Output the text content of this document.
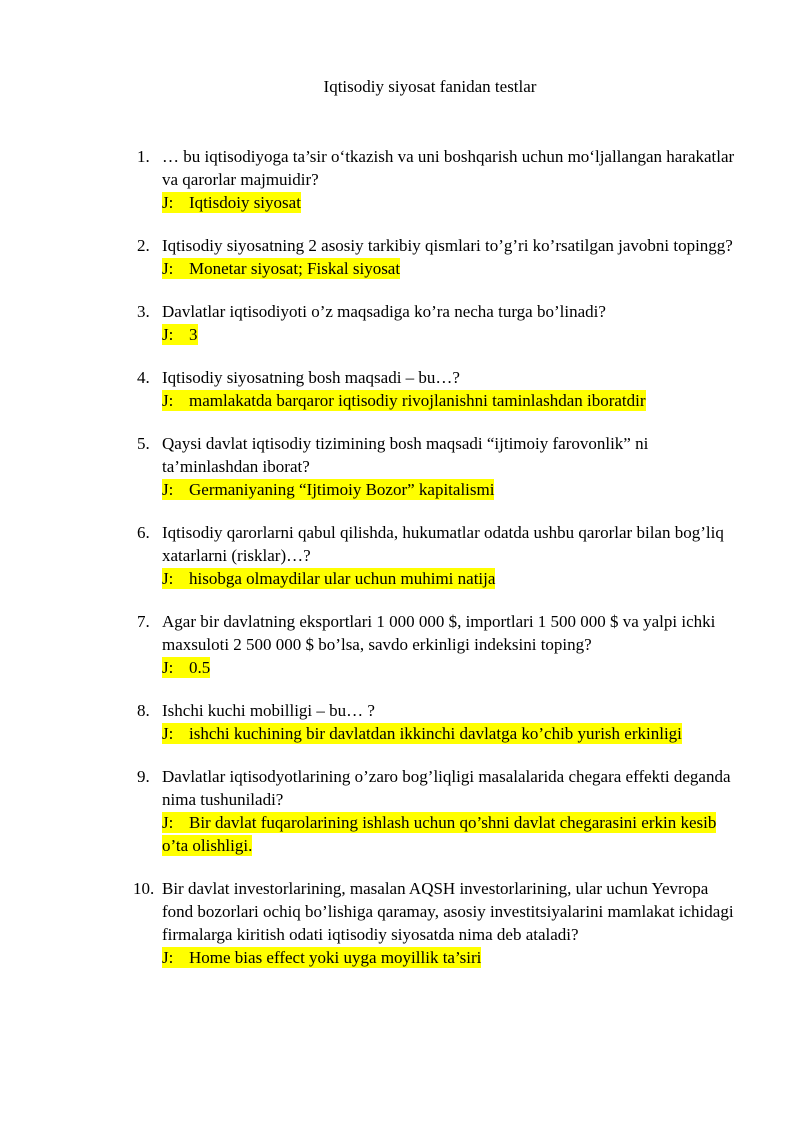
Iqtisodiy siyosat fanidan testlar
1. … bu iqtisodiyoga ta’sir o‘tkazish va uni boshqarish uchun mo‘ljallangan harakatlar va qarorlar majmuidir?
J: Iqtisdoiy siyosat
2. Iqtisodiy siyosatning 2 asosiy tarkibiy qismlari to’g’ri ko’rsatilgan javobni topingg?
J: Monetar siyosat; Fiskal siyosat
3. Davlatlar iqtisodiyoti o’z maqsadiga ko’ra necha turga bo’linadi?
J: 3
4. Iqtisodiy siyosatning bosh maqsadi – bu…?
J: mamlakatda barqaror iqtisodiy rivojlanishni taminlashdan iboratdir
5. Qaysi davlat iqtisodiy tizimining bosh maqsadi “ijtimoiy farovonlik” ni ta’minlashdan iborat?
J: Germaniyaning “Ijtimoiy Bozor” kapitalismi
6. Iqtisodiy qarorlarni qabul qilishda, hukumatlar odatda ushbu qarorlar bilan bog’liq xatarlarni (risklar)…?
J: hisobga olmaydilar ular uchun muhimi natija
7. Agar bir davlatning eksportlari 1 000 000 $, importlari 1 500 000 $ va yalpi ichki maxsuloti 2 500 000 $ bo’lsa, savdo erkinligi indeksini toping?
J: 0.5
8. Ishchi kuchi mobilligi – bu… ?
J: ishchi kuchining bir davlatdan ikkinchi davlatga ko’chib yurish erkinligi
9. Davlatlar iqtisodyotlarining o’zaro bog’liqligi masalalarida chegara effekti deganda nima tushuniladi?
J: Bir davlat fuqarolarining ishlash uchun qo’shni davlat chegarasini erkin kesib o’ta olishligi.
10. Bir davlat investorlarining, masalan AQSH investorlarining, ular uchun Yevropa fond bozorlari ochiq bo’lishiga qaramay, asosiy investitsiyalarini mamlakat ichidagi firmalarga kiritish odati iqtisodiy siyosatda nima deb ataladi?
J: Home bias effect yoki uyga moyillik ta’siri
